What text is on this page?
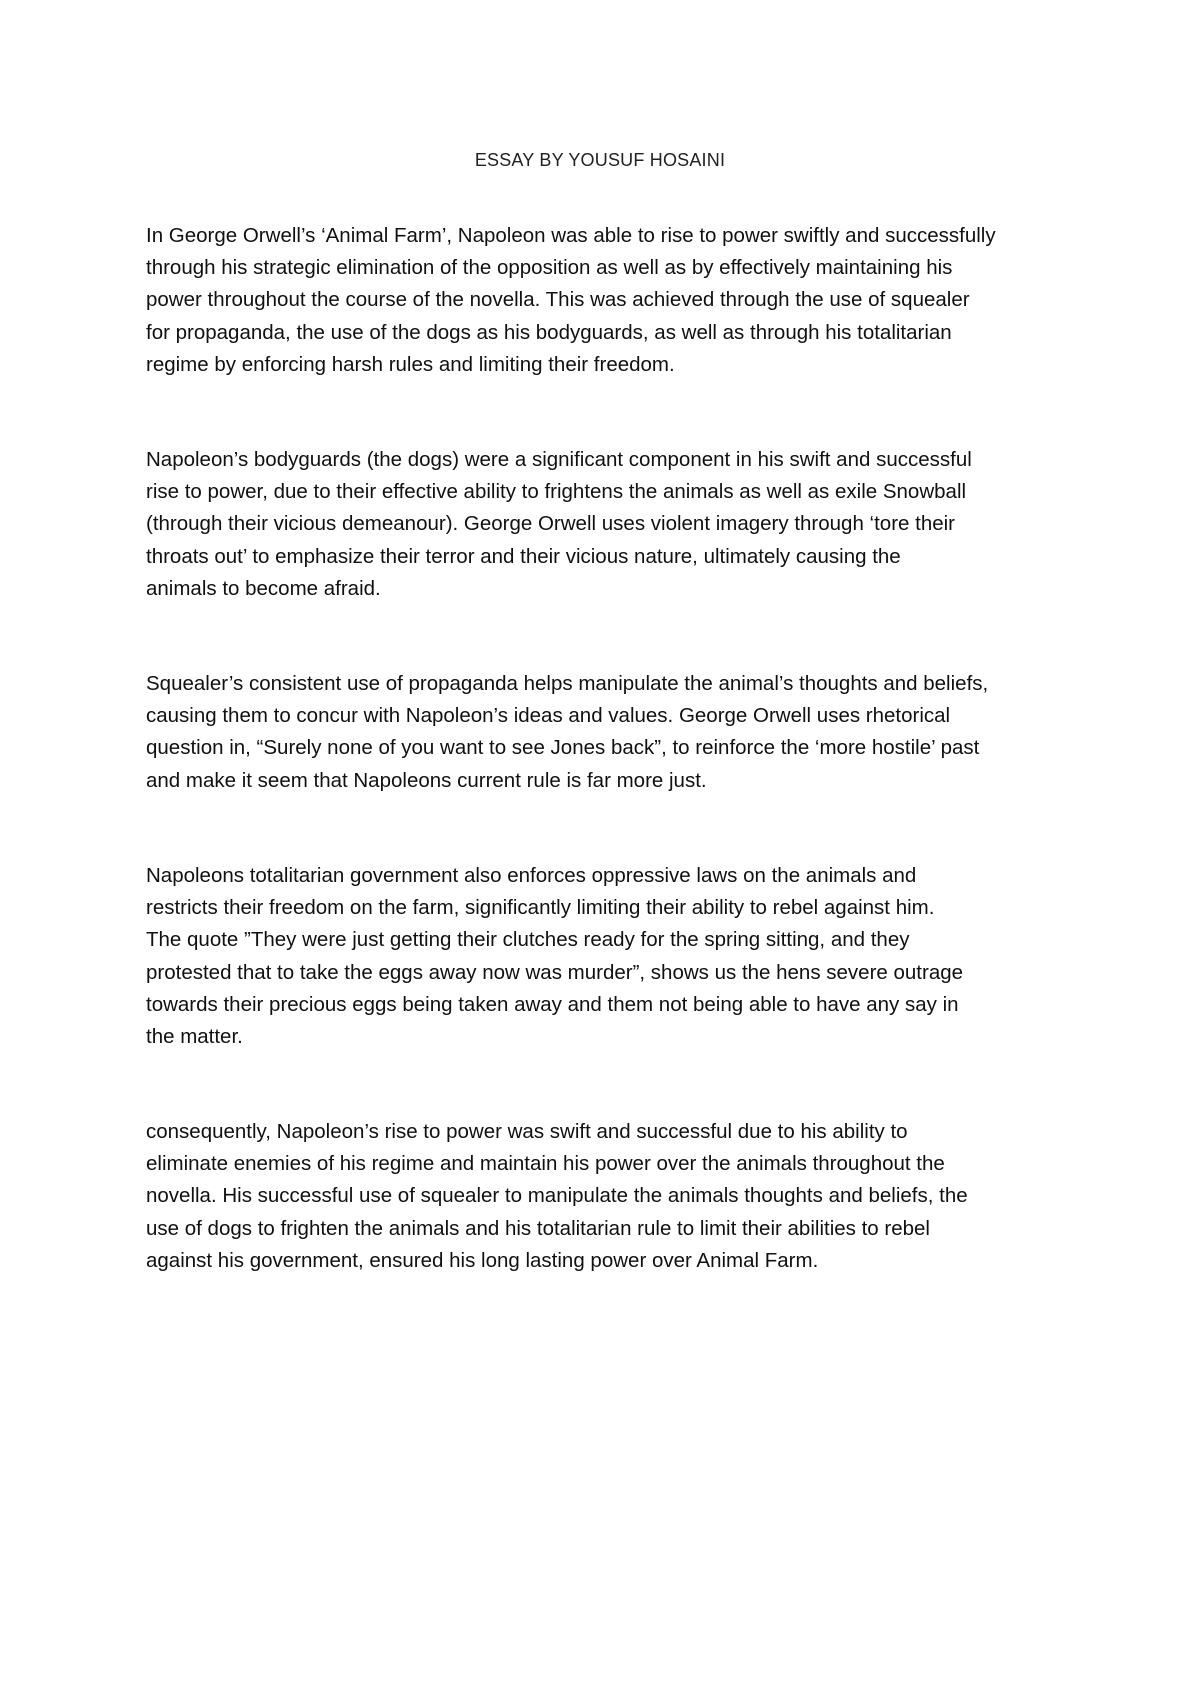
ESSAY BY YOUSUF HOSAINI

In George Orwell’s ‘Animal Farm’, Napoleon was able to rise to power swiftly and successfully
through his strategic elimination of the opposition as well as by effectively maintaining his
power throughout the course of the novella. This was achieved through the use of squealer
for propaganda, the use of the dogs as his bodyguards, as well as through his totalitarian
regime by enforcing harsh rules and limiting their freedom.

Napoleon’s bodyguards (the dogs) were a significant component in his swift and successful
rise to power, due to their effective ability to frightens the animals as well as exile Snowball
(through their vicious demeanour). George Orwell uses violent imagery through ‘tore their
throats out’ to emphasize their terror and their vicious nature, ultimately causing the
animals to become afraid.

Squealer’s consistent use of propaganda helps manipulate the animal’s thoughts and beliefs,
causing them to concur with Napoleon’s ideas and values. George Orwell uses rhetorical
question in, “Surely none of you want to see Jones back”, to reinforce the ‘more hostile’ past
and make it seem that Napoleons current rule is far more just.

Napoleons totalitarian government also enforces oppressive laws on the animals and
restricts their freedom on the farm, significantly limiting their ability to rebel against him.
The quote ”They were just getting their clutches ready for the spring sitting, and they
protested that to take the eggs away now was murder”, shows us the hens severe outrage
towards their precious eggs being taken away and them not being able to have any say in
the matter.

consequently, Napoleon’s rise to power was swift and successful due to his ability to
eliminate enemies of his regime and maintain his power over the animals throughout the
novella. His successful use of squealer to manipulate the animals thoughts and beliefs, the
use of dogs to frighten the animals and his totalitarian rule to limit their abilities to rebel
against his government, ensured his long lasting power over Animal Farm.
